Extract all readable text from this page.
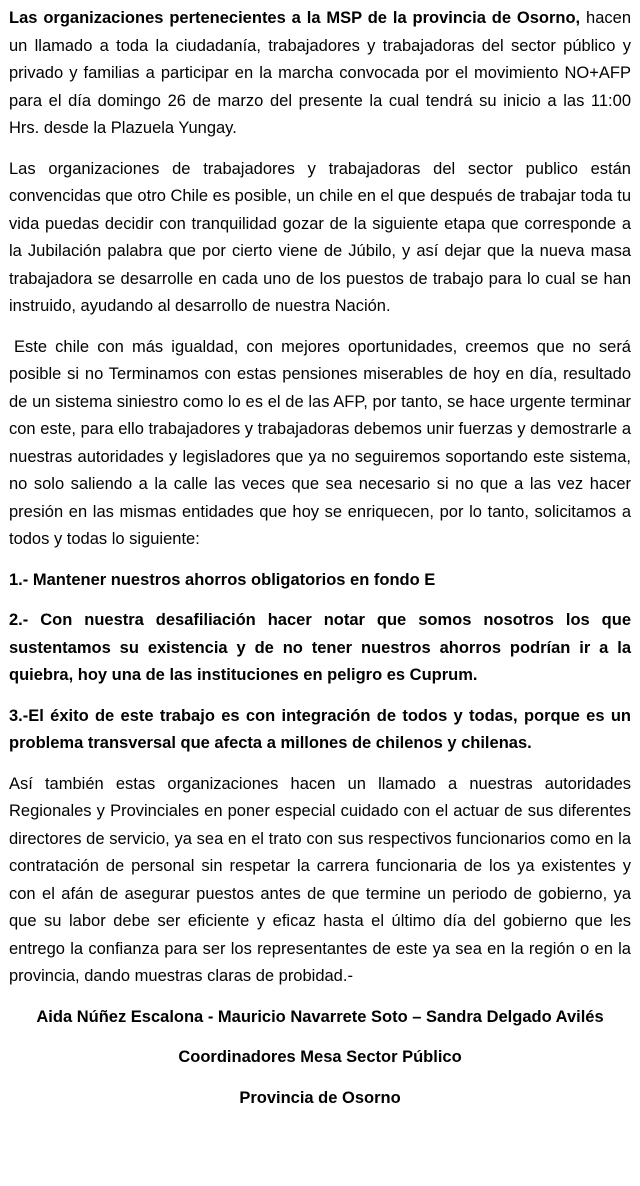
Las organizaciones pertenecientes a la MSP de la provincia de Osorno, hacen un llamado a toda la ciudadanía, trabajadores y trabajadoras del sector público y privado y familias a participar en la marcha convocada por el movimiento NO+AFP para el día domingo 26 de marzo del presente la cual tendrá su inicio a las 11:00 Hrs. desde la Plazuela Yungay.

Las organizaciones de trabajadores y trabajadoras del sector publico están convencidas que otro Chile es posible, un chile en el que después de trabajar toda tu vida puedas decidir con tranquilidad gozar de la siguiente etapa que corresponde a la Jubilación palabra que por cierto viene de Júbilo, y así dejar que la nueva masa trabajadora se desarrolle en cada uno de los puestos de trabajo para lo cual se han instruido, ayudando al desarrollo de nuestra Nación.

Este chile con más igualdad, con mejores oportunidades, creemos que no será posible si no Terminamos con estas pensiones miserables de hoy en día, resultado de un sistema siniestro como lo es el de las AFP, por tanto, se hace urgente terminar con este, para ello trabajadores y trabajadoras debemos unir fuerzas y demostrarle a nuestras autoridades y legisladores que ya no seguiremos soportando este sistema, no solo saliendo a la calle las veces que sea necesario si no que a las vez hacer presión en las mismas entidades que hoy se enriquecen, por lo tanto, solicitamos a todos y todas lo siguiente:

1.- Mantener nuestros ahorros obligatorios en fondo E

2.- Con nuestra desafiliación hacer notar que somos nosotros los que sustentamos su existencia y de no tener nuestros ahorros podrían ir a la quiebra, hoy una de las instituciones en peligro es Cuprum.

3.-El éxito de este trabajo es con integración de todos y todas, porque es un problema transversal que afecta a millones de chilenos y chilenas.

Así también estas organizaciones hacen un llamado a nuestras autoridades Regionales y Provinciales en poner especial cuidado con el actuar de sus diferentes directores de servicio, ya sea en el trato con sus respectivos funcionarios como en la contratación de personal sin respetar la carrera funcionaria de los ya existentes y con el afán de asegurar puestos antes de que termine un periodo de gobierno, ya que su labor debe ser eficiente y eficaz hasta el último día del gobierno que les entrego la confianza para ser los representantes de este ya sea en la región o en la provincia, dando muestras claras de probidad.-

Aida Núñez Escalona - Mauricio Navarrete Soto – Sandra Delgado Avilés

Coordinadores Mesa Sector Público

Provincia de Osorno
